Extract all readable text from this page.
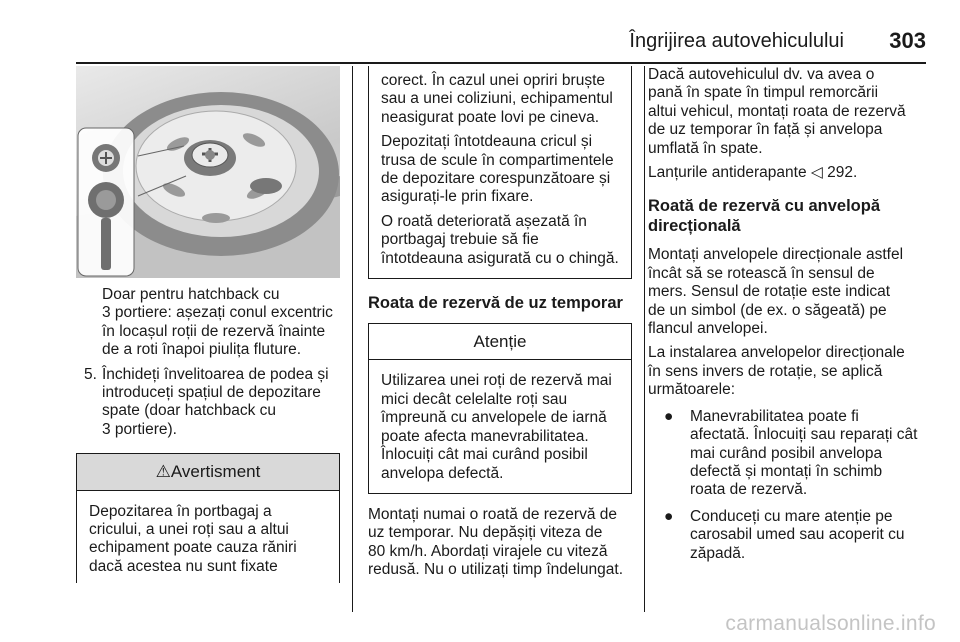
Îngrijirea autovehiculului 303
Doar pentru hatchback cu
3 portiere: așezați conul excentric
în locașul roții de rezervă înainte
de a roti înapoi piulița fluture.
5. Închideți învelitoarea de podea și
introduceți spațiul de depozitare
spate (doar hatchback cu
3 portiere).
⚠Avertisment
Depozitarea în portbagaj a
cricului, a unei roți sau a altui
echipament poate cauza răniri
dacă acestea nu sunt fixate

corect. În cazul unei opriri bruște
sau a unei coliziuni, echipamentul
neasigurat poate lovi pe cineva.

Depozitați întotdeauna cricul și
trusa de scule în compartimentele
de depozitare corespunzătoare și
asigurați-le prin fixare.

O roată deteriorată așezată în
portbagaj trebuie să fie
întotdeauna asigurată cu o chingă.

Roata de rezervă de uz temporar
Atenție
Utilizarea unei roți de rezervă mai
mici decât celelalte roți sau
împreună cu anvelopele de iarnă
poate afecta manevrabilitatea.
Înlocuiți cât mai curând posibil
anvelopa defectă.
Montați numai o roată de rezervă de
uz temporar. Nu depășiți viteza de
80 km/h. Abordați virajele cu viteză
redusă. Nu o utilizați timp îndelungat.
Dacă autovehiculul dv. va avea o
pană în spate în timpul remorcării
altui vehicul, montați roata de rezervă
de uz temporar în față și anvelopa
umflată în spate.
Lanțurile antiderapante ◁ 292.
Roată de rezervă cu anvelopă
direcțională
Montați anvelopele direcționale astfel
încât să se rotească în sensul de
mers. Sensul de rotație este indicat
de un simbol (de ex. o săgeată) pe
flancul anvelopei.
La instalarea anvelopelor direcționale
în sens invers de rotație, se aplică
următoarele:
● Manevrabilitatea poate fi
afectată. Înlocuiți sau reparați cât
mai curând posibil anvelopa
defectă și montați în schimb
roata de rezervă.
● Conduceți cu mare atenție pe
carosabil umed sau acoperit cu
zăpadă.
carmanualsonline.info
